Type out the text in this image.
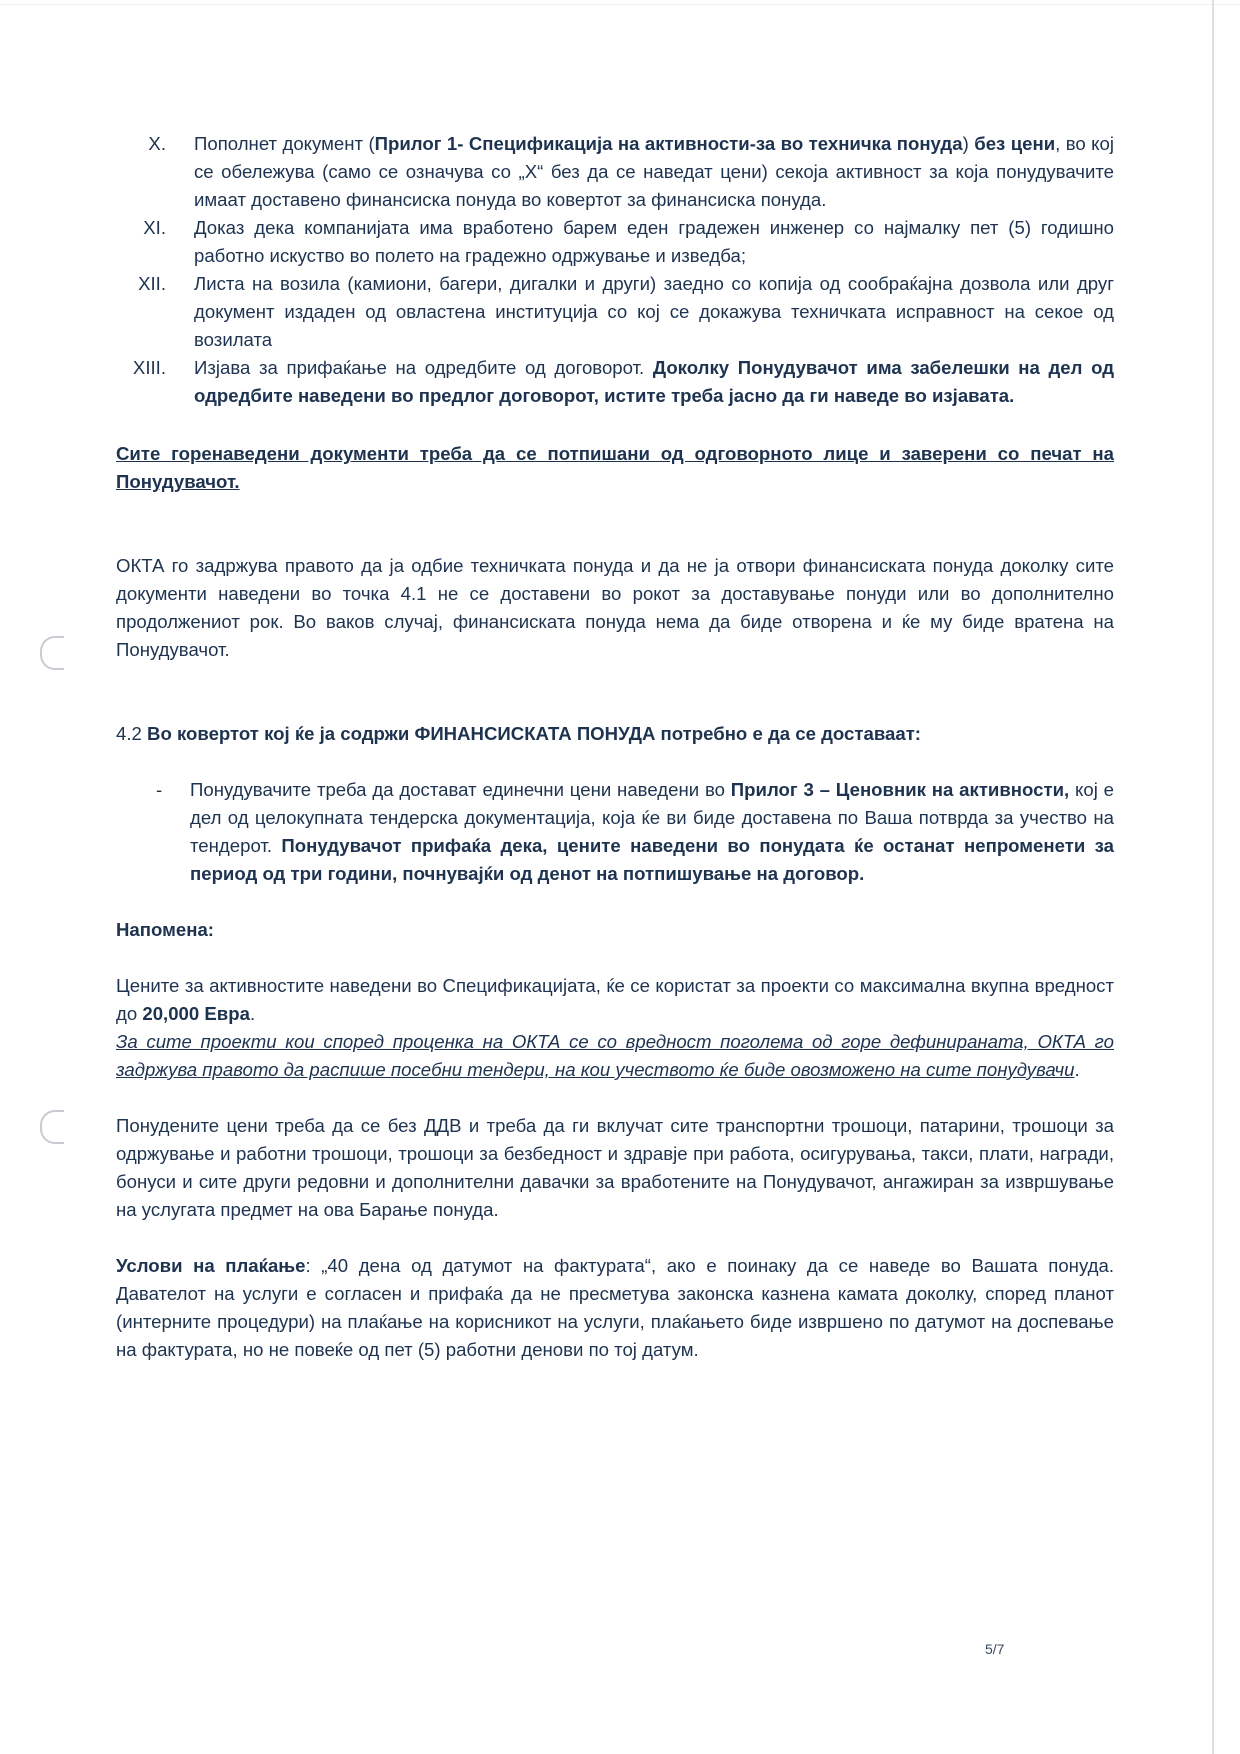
X. Пополнет документ (Прилог 1- Спецификација на активности-за во техничка понуда) без цени, во кој се обележува (само се означува со „X“ без да се наведат цени) секоја активност за која понудувачите имаат доставено финансиска понуда во ковертот за финансиска понуда.
XI. Доказ дека компанијата има вработено барем еден градежен инженер со најмалку пет (5) годишно работно искуство во полето на градежно одржување и изведба;
XII. Листа на возила (камиони, багери, дигалки и други) заедно со копија од сообраќајна дозвола или друг документ издаден од овластена институција со кој се докажува техничката исправност на секое од возилата
XIII. Изјава за прифаќање на одредбите од договорот. Доколку Понудувачот има забелешки на дел од одредбите наведени во предлог договорот, истите треба јасно да ги наведе во изјавата.

Сите горенаведени документи треба да се потпишани од одговорното лице и заверени со печат на Понудувачот.

ОКТА го задржува правото да ја одбие техничката понуда и да не ја отвори финансиската понуда доколку сите документи наведени во точка 4.1 не се доставени во рокот за доставување понуди или во дополнително продолжениот рок. Во ваков случај, финансиската понуда нема да биде отворена и ќе му биде вратена на Понудувачот.

4.2 Во ковертот кој ќе ја содржи ФИНАНСИСКАТА ПОНУДА потребно е да се доставаат:

-	Понудувачите треба да достават единечни цени наведени во Прилог 3 – Ценовник на активности, кој е дел од целокупната тендерска документација, која ќе ви биде доставена по Ваша потврда за учество на тендерот. Понудувачот прифаќа дека, цените наведени во понудата ќе останат непроменети за период од три години, почнувајќи од денот на потпишување на договор.

Напомена:

Цените за активностите наведени во Спецификацијата, ќе се користат за проекти со максимална вкупна вредност до 20,000 Евра.

За сите проекти кои според проценка на ОКТА се со вредност поголема од горе дефинираната, ОКТА го задржува правото да распише посебни тендери, на кои учеството ќе биде овозможено на сите понудувачи.

Понудените цени треба да се без ДДВ и треба да ги вклучат сите транспортни трошоци, патарини, трошоци за одржување и работни трошоци, трошоци за безбедност и здравје при работа, осигурувања, такси, плати, награди, бонуси и сите други редовни и дополнителни давачки за вработените на Понудувачот, ангажиран за извршување на услугата предмет на ова Барање понуда.

Услови на плаќање: „40 дена од датумот на фактурата“, ако е поинаку да се наведе во Вашата понуда. Давателот на услуги е согласен и прифаќа да не пресметува законска казнена камата доколку, според планот (интерните процедури) на плаќање на корисникот на услуги, плаќањето биде извршено по датумот на доспевање на фактурата, но не повеќе од пет (5) работни денови по тој датум.

5/7
